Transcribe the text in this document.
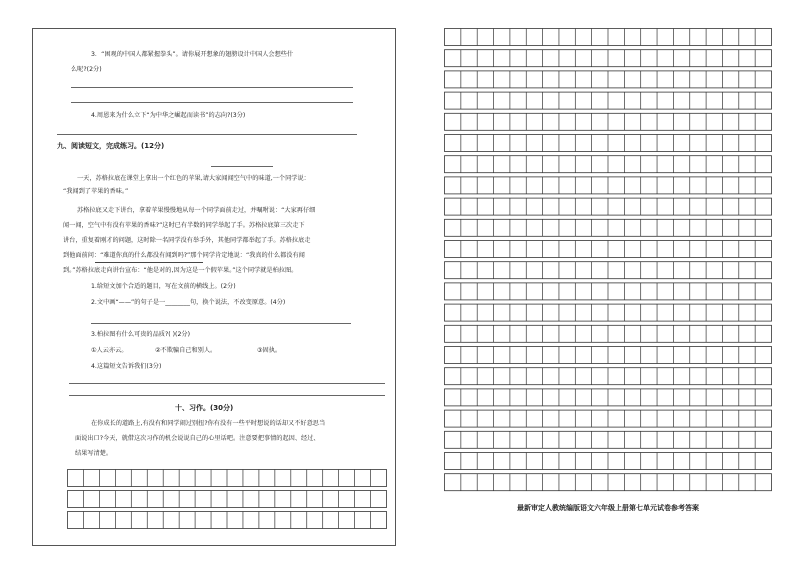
3．“困观的中国人都紧握拳头”。请你展开想象的翅膀设计中国人会想些什
么呢?(2分)
4.周恩来为什么立下“为中华之崛起而读书”的志向?(3分)
九、阅读短文，完成练习。(12分)
一天，苏格拉底在课堂上拿出一个红色的苹果,请大家闻闻空气中的味道,一个同学说：
“我闻到了苹果的香味。”
苏格拉底又走下讲台，拿着苹果慢慢地从每一个同学面前走过，并嘱咐说：“大家再仔细
闻一闻，空气中有没有苹果的香味?”这时已有半数的同学举起了手。苏格拉底第三次走下
讲台，重复着刚才的问题，这时除一名同学没有举手外，其他同学都举起了手。苏格拉底走
到他面前问：“难道你真的什么都没有闻到吗?”那个同学肯定地说：“我真的什么都没有闻
到。”苏格拉底走向讲台宣布：“他是对的,因为这是一个假苹果。”这个同学就是柏拉图。
1.给短文加个合适的题目，写在文前的横线上。(2分)
2.文中画“——”的句子是一________句，换个说法，不改变原意。(4分)
3.柏拉图有什么可贵的品质?( )(2分)
①人云亦云。	②不欺骗自己和别人。	③固执。
4.这篇短文告诉我们(3分)
十、习作。(30分)
在你成长的道路上,有没有和同学闹过别扭?你有没有一些平时想说的话却又不好意思当
面说出口?今天，就借这次习作的机会说说自己的心里话吧。注意要把事情的起因、经过、
结果写清楚。
最新审定人教统编版语文六年级上册第七单元试卷参考答案
